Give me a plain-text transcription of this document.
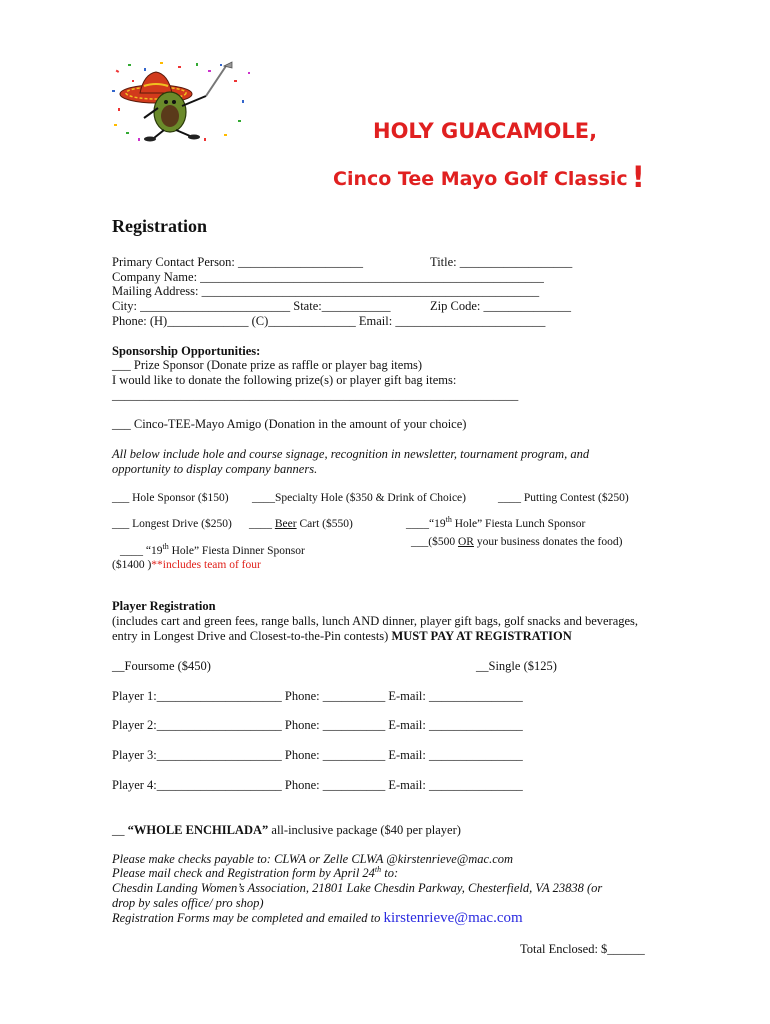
HOLY GUACAMOLE,
Cinco Tee Mayo Golf Classic !
Registration
Primary Contact Person: ____________________	Title: __________________
Company Name: _______________________________________________________
Mailing Address: ______________________________________________________
City: ________________________ State:___________	Zip Code: ______________
Phone: (H)_____________ (C)______________ Email: ________________________
Sponsorship Opportunities:
___ Prize Sponsor (Donate prize as raffle or player bag items)
I would like to donate the following prize(s) or player gift bag items:
_________________________________________________________________
___ Cinco-TEE-Mayo Amigo (Donation in the amount of your choice)
All below include hole and course signage, recognition in newsletter, tournament program, and opportunity to display company banners.
___ Hole Sponsor ($150) ____Specialty Hole ($350 & Drink of Choice)	____ Putting Contest ($250)
___ Longest Drive ($250) ____ Beer Cart ($550)	____“19th Hole” Fiesta Lunch Sponsor
___($500 OR your business donates the food)
____ “19th Hole” Fiesta Dinner Sponsor
($1400 )**includes team of four
Player Registration
(includes cart and green fees, range balls, lunch AND dinner, player gift bags, golf snacks and beverages,
entry in Longest Drive and Closest-to-the-Pin contests) MUST PAY AT REGISTRATION
__Foursome ($450)	__Single ($125)
Player 1:____________________ Phone: __________ E-mail: _______________
Player 2:____________________ Phone: __________ E-mail: _______________
Player 3:____________________ Phone: __________ E-mail: _______________
Player 4:____________________ Phone: __________ E-mail: _______________
__ “WHOLE ENCHILADA” all-inclusive package ($40 per player)
Please make checks payable to: CLWA or Zelle CLWA @kirstenrieve@mac.com
Please mail check and Registration form by April 24th to:
Chesdin Landing Women’s Association, 21801 Lake Chesdin Parkway, Chesterfield, VA 23838 (or
drop by sales office/ pro shop)
Registration Forms may be completed and emailed to kirstenrieve@mac.com
Total Enclosed: $______
